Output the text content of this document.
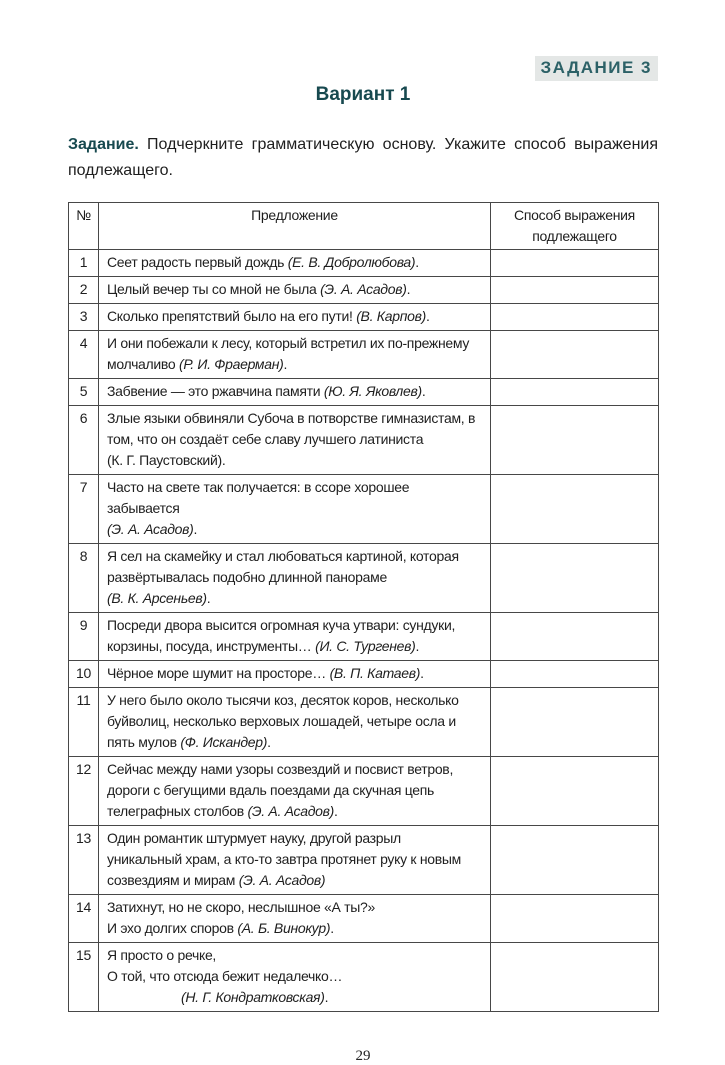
ЗАДАНИЕ 3
Вариант 1

Задание. Подчеркните грамматическую основу. Укажите способ выражения подлежащего.

№	Предложение	Способ выражения подлежащего
1	Сеет радость первый дождь (Е. В. Добролюбова).	
2	Целый вечер ты со мной не была (Э. А. Асадов).	
3	Сколько препятствий было на его пути! (В. Карпов).	
4	И они побежали к лесу, который встретил их по-прежнему
молчаливо (Р. И. Фраерман).	
5	Забвение — это ржавчина памяти (Ю. Я. Яковлев).	
6	Злые языки обвиняли Субоча в потворстве гимназистам, в
том, что он создаёт себе славу лучшего латиниста
(К. Г. Паустовский).	
7	Часто на свете так получается: в ссоре хорошее забывается
(Э. А. Асадов).	
8	Я сел на скамейку и стал любоваться картиной, которая
развёртывалась подобно длинной панораме
(В. К. Арсеньев).	
9	Посреди двора высится огромная куча утвари: сундуки,
корзины, посуда, инструменты… (И. С. Тургенев).	
10	Чёрное море шумит на просторе… (В. П. Катаев).	
11	У него было около тысячи коз, десяток коров, несколько
буйволиц, несколько верховых лошадей, четыре осла и
пять мулов (Ф. Искандер).	
12	Сейчас между нами узоры созвездий и посвист ветров,
дороги с бегущими вдаль поездами да скучная цепь
телеграфных столбов (Э. А. Асадов).	
13	Один романтик штурмует науку, другой разрыл
уникальный храм, а кто-то завтра протянет руку к новым
созвездиям и мирам (Э. А. Асадов)	
14	Затихнут, но не скоро, неслышное «А ты?»
И эхо долгих споров (А. Б. Винокур).	
15	Я просто о речке,
О той, что отсюда бежит недалечко…
(Н. Г. Кондратковская).	
29
